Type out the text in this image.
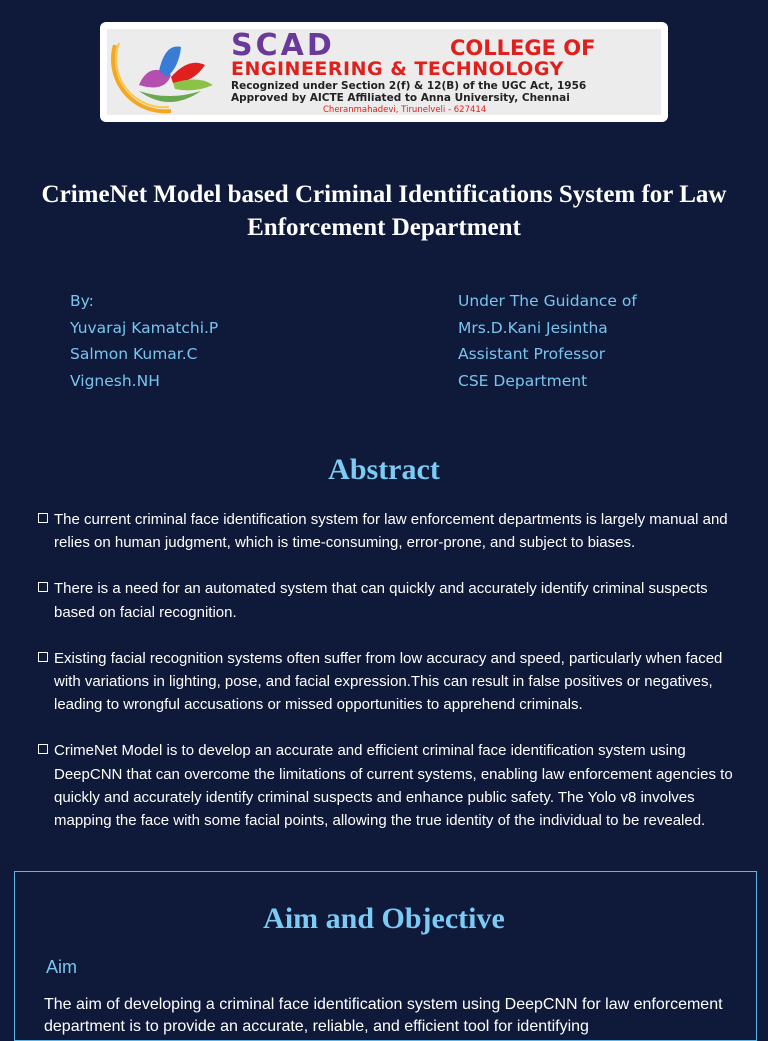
SCAD	COLLEGE OF
ENGINEERING & TECHNOLOGY
Recognized under Section 2(f) & 12(B) of the UGC Act, 1956
Approved by AICTE Affiliated to Anna University, Chennai
Cheranmahadevi, Tirunelveli - 627414
CrimeNet Model based Criminal Identifications System for Law Enforcement Department
By:
Yuvaraj Kamatchi.P
Salmon Kumar.C
Vignesh.NH
Under The Guidance of
Mrs.D.Kani Jesintha
Assistant Professor
CSE Department
Abstract
The current criminal face identification system for law enforcement departments is largely manual and relies on human judgment, which is time-consuming, error-prone, and subject to biases.
There is a need for an automated system that can quickly and accurately identify criminal suspects based on facial recognition.
Existing facial recognition systems often suffer from low accuracy and speed, particularly when faced with variations in lighting, pose, and facial expression.This can result in false positives or negatives, leading to wrongful accusations or missed opportunities to apprehend criminals.
CrimeNet Model is to develop an accurate and efficient criminal face identification system using DeepCNN that can overcome the limitations of current systems, enabling law enforcement agencies to quickly and accurately identify criminal suspects and enhance public safety. The Yolo v8 involves mapping the face with some facial points, allowing the true identity of the individual to be revealed.
Aim and Objective
Aim

The aim of developing a criminal face identification system using DeepCNN for law enforcement department is to provide an accurate, reliable, and efficient tool for identifying
